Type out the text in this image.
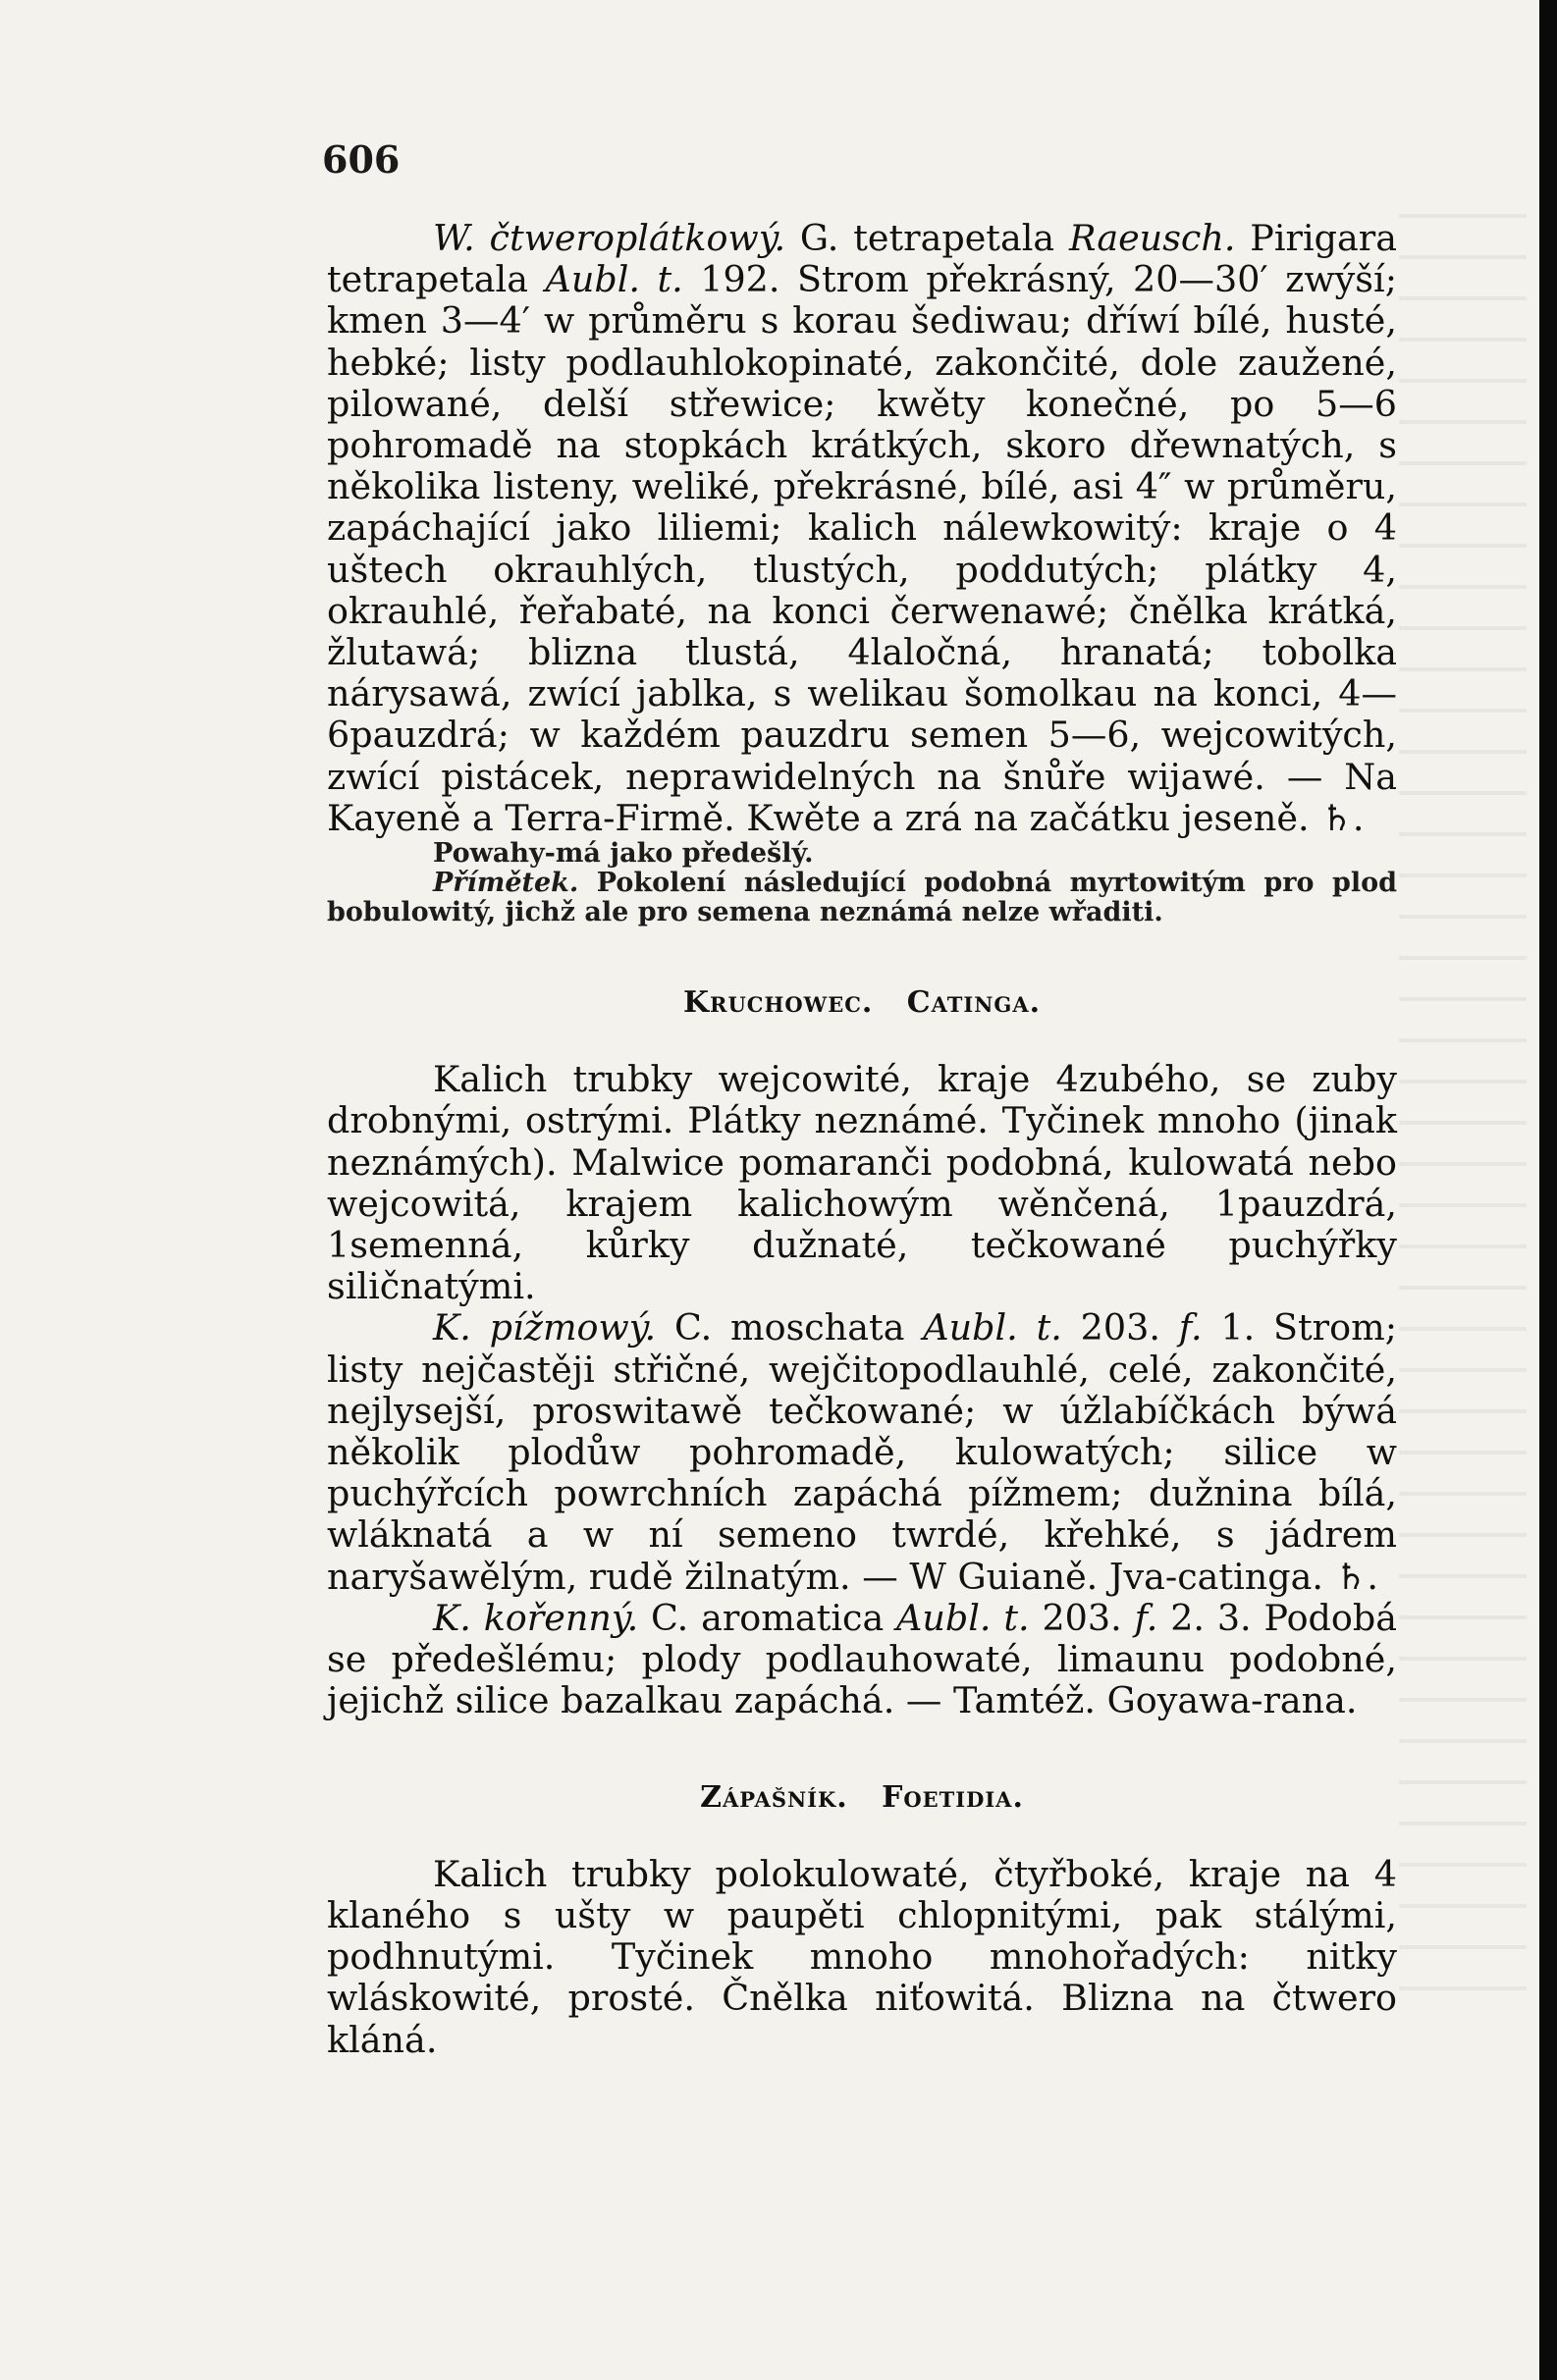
606

W. čtweroplátkowý. G. tetrapetala Raeusch. Pirigara tetrapetala Aubl. t. 192. Strom překrásný, 20—30′ zwýší; kmen 3—4′ w průměru s korau šediwau; dříwí bílé, husté, hebké; listy podlauhlokopinaté, zakončité, dole zaužené, pilowané, delší střewice; kwěty konečné, po 5—6 pohromadě na stopkách krátkých, skoro dřewnatých, s několika listeny, weliké, překrásné, bílé, asi 4″ w průměru, zapáchající jako liliemi; kalich nálewkowitý: kraje o 4 uštech okrauhlých, tlustých, poddutých; plátky 4, okrauhlé, řeřabaté, na konci čerwenawé; čnělka krátká, žlutawá; blizna tlustá, 4laločná, hranatá; tobolka nárysawá, zwící jablka, s welikau šomolkau na konci, 4—6pauzdrá; w každém pauzdru semen 5—6, wejcowitých, zwící pistácek, neprawidelných na šnůře wijawé. — Na Kayeně a Terra-Firmě. Kwěte a zrá na začátku jeseně. ♄.

Powahy-má jako předešlý.

Přímětek. Pokolení následující podobná myrtowitým pro plod bobulowitý, jichž ale pro semena neznámá nelze wřaditi.

Kruchowec. Catinga.

Kalich trubky wejcowité, kraje 4zubého, se zuby drobnými, ostrými. Plátky neznámé. Tyčinek mnoho (jinak neznámých). Malwice pomaranči podobná, kulowatá nebo wejcowitá, krajem kalichowým wěnčená, 1pauzdrá, 1semenná, kůrky dužnaté, tečkowané puchýřky siličnatými.

K. pížmowý. C. moschata Aubl. t. 203. f. 1. Strom; listy nejčastěji střičné, wejčitopodlauhlé, celé, zakončité, nejlysejší, proswitawě tečkowané; w úžlabíčkách býwá několik plodůw pohromadě, kulowatých; silice w puchýřcích powrchních zapáchá pížmem; dužnina bílá, wláknatá a w ní semeno twrdé, křehké, s jádrem naryšawělým, rudě žilnatým. — W Guianě. Jva-catinga. ♄.

K. kořenný. C. aromatica Aubl. t. 203. f. 2. 3. Podobá se předešlému; plody podlauhowaté, limaunu podobné, jejichž silice bazalkau zapáchá. — Tamtéž. Goyawa-rana.

Zápašník. Foetidia.

Kalich trubky polokulowaté, čtyřboké, kraje na 4 klaného s ušty w paupěti chlopnitými, pak stálými, podhnutými. Tyčinek mnoho mnohořadých: nitky wláskowité, prosté. Čnělka niťowitá. Blizna na čtwero kláná.
